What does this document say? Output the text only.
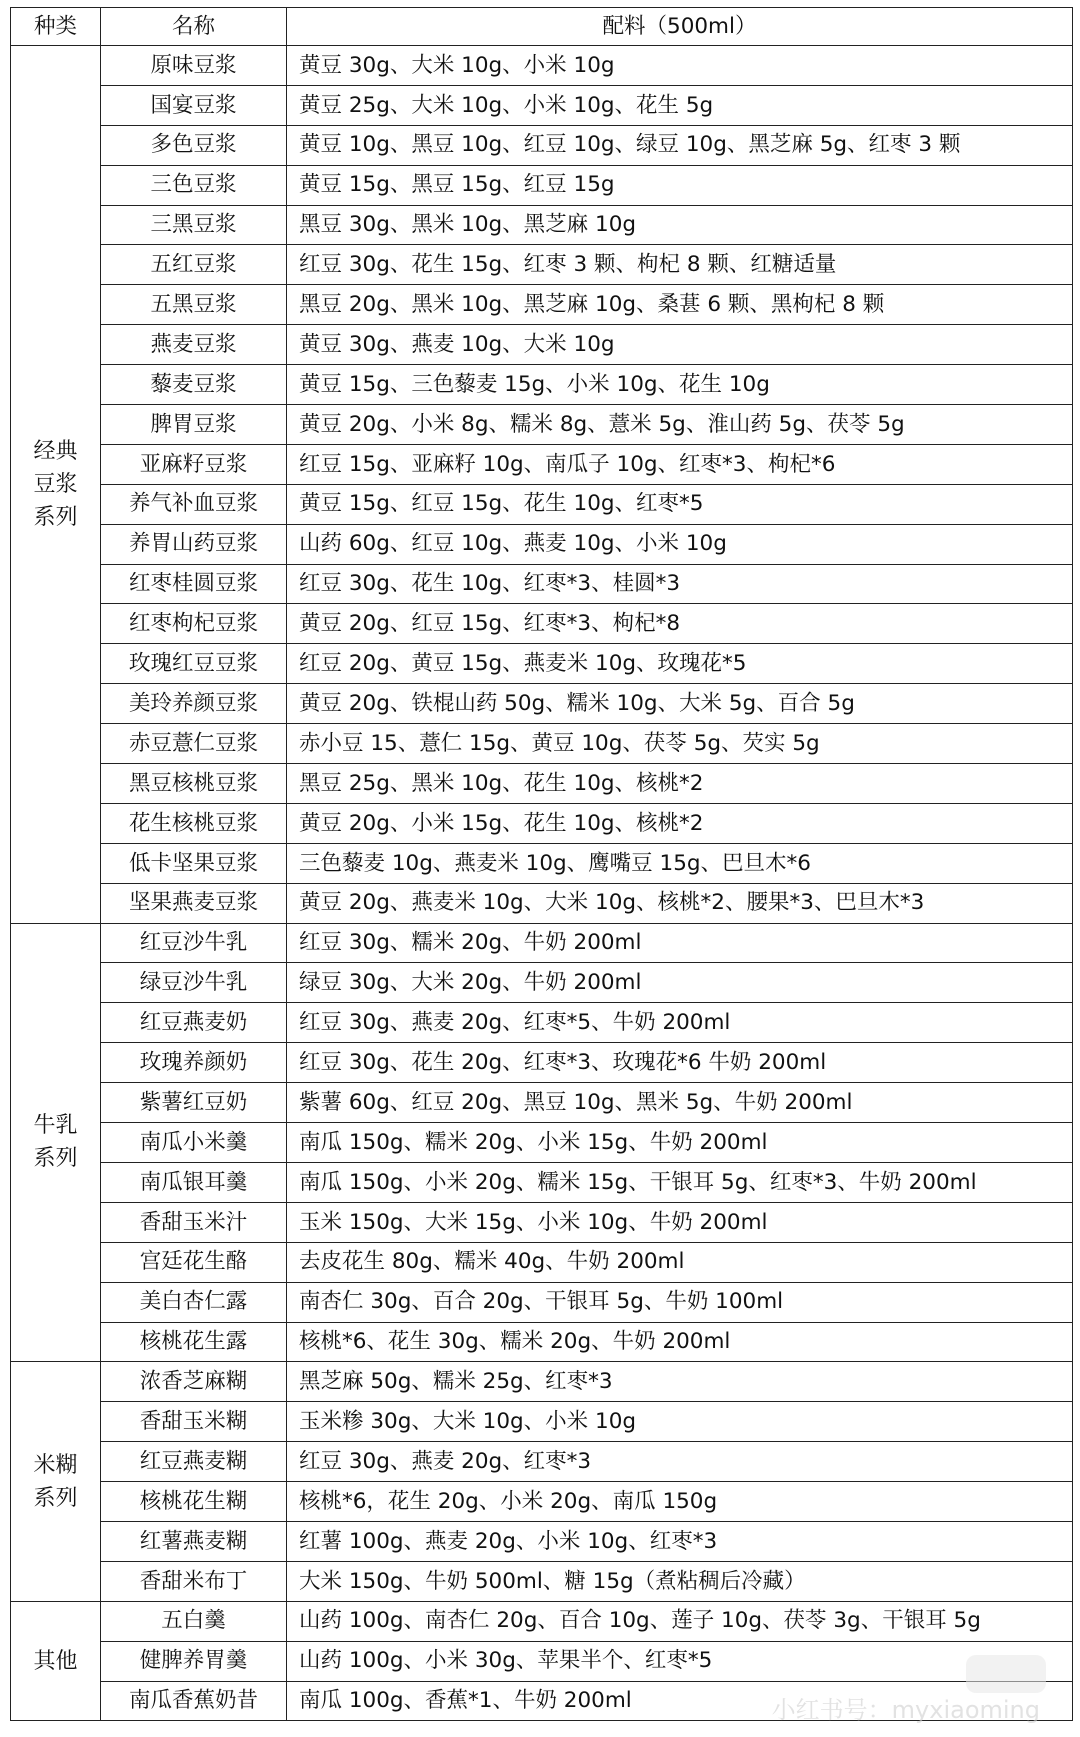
种类	名称	配料（500ml）
经典豆浆系列	原味豆浆	黄豆 30g、大米 10g、小米 10g
	国宴豆浆	黄豆 25g、大米 10g、小米 10g、花生 5g
	多色豆浆	黄豆 10g、黑豆 10g、红豆 10g、绿豆 10g、黑芝麻 5g、红枣 3 颗
	三色豆浆	黄豆 15g、黑豆 15g、红豆 15g
	三黑豆浆	黑豆 30g、黑米 10g、黑芝麻 10g
	五红豆浆	红豆 30g、花生 15g、红枣 3 颗、枸杞 8 颗、红糖适量
	五黑豆浆	黑豆 20g、黑米 10g、黑芝麻 10g、桑葚 6 颗、黑枸杞 8 颗
	燕麦豆浆	黄豆 30g、燕麦 10g、大米 10g
	藜麦豆浆	黄豆 15g、三色藜麦 15g、小米 10g、花生 10g
	脾胃豆浆	黄豆 20g、小米 8g、糯米 8g、薏米 5g、淮山药 5g、茯苓 5g
	亚麻籽豆浆	红豆 15g、亚麻籽 10g、南瓜子 10g、红枣*3、枸杞*6
	养气补血豆浆	黄豆 15g、红豆 15g、花生 10g、红枣*5
	养胃山药豆浆	山药 60g、红豆 10g、燕麦 10g、小米 10g
	红枣桂圆豆浆	红豆 30g、花生 10g、红枣*3、桂圆*3
	红枣枸杞豆浆	黄豆 20g、红豆 15g、红枣*3、枸杞*8
	玫瑰红豆豆浆	红豆 20g、黄豆 15g、燕麦米 10g、玫瑰花*5
	美玲养颜豆浆	黄豆 20g、铁棍山药 50g、糯米 10g、大米 5g、百合 5g
	赤豆薏仁豆浆	赤小豆 15、薏仁 15g、黄豆 10g、茯苓 5g、芡实 5g
	黑豆核桃豆浆	黑豆 25g、黑米 10g、花生 10g、核桃*2
	花生核桃豆浆	黄豆 20g、小米 15g、花生 10g、核桃*2
	低卡坚果豆浆	三色藜麦 10g、燕麦米 10g、鹰嘴豆 15g、巴旦木*6
	坚果燕麦豆浆	黄豆 20g、燕麦米 10g、大米 10g、核桃*2、腰果*3、巴旦木*3
牛乳系列	红豆沙牛乳	红豆 30g、糯米 20g、牛奶 200ml
	绿豆沙牛乳	绿豆 30g、大米 20g、牛奶 200ml
	红豆燕麦奶	红豆 30g、燕麦 20g、红枣*5、牛奶 200ml
	玫瑰养颜奶	红豆 30g、花生 20g、红枣*3、玫瑰花*6 牛奶 200ml
	紫薯红豆奶	紫薯 60g、红豆 20g、黑豆 10g、黑米 5g、牛奶 200ml
	南瓜小米羹	南瓜 150g、糯米 20g、小米 15g、牛奶 200ml
	南瓜银耳羹	南瓜 150g、小米 20g、糯米 15g、干银耳 5g、红枣*3、牛奶 200ml
	香甜玉米汁	玉米 150g、大米 15g、小米 10g、牛奶 200ml
	宫廷花生酪	去皮花生 80g、糯米 40g、牛奶 200ml
	美白杏仁露	南杏仁 30g、百合 20g、干银耳 5g、牛奶 100ml
	核桃花生露	核桃*6、花生 30g、糯米 20g、牛奶 200ml
米糊系列	浓香芝麻糊	黑芝麻 50g、糯米 25g、红枣*3
	香甜玉米糊	玉米糁 30g、大米 10g、小米 10g
	红豆燕麦糊	红豆 30g、燕麦 20g、红枣*3
	核桃花生糊	核桃*6，花生 20g、小米 20g、南瓜 150g
	红薯燕麦糊	红薯 100g、燕麦 20g、小米 10g、红枣*3
	香甜米布丁	大米 150g、牛奶 500ml、糖 15g（煮粘稠后冷藏）
其他	五白羹	山药 100g、南杏仁 20g、百合 10g、莲子 10g、茯苓 3g、干银耳 5g
	健脾养胃羹	山药 100g、小米 30g、苹果半个、红枣*5
	南瓜香蕉奶昔	南瓜 100g、香蕉*1、牛奶 200ml	小红书号：myxiaoming
